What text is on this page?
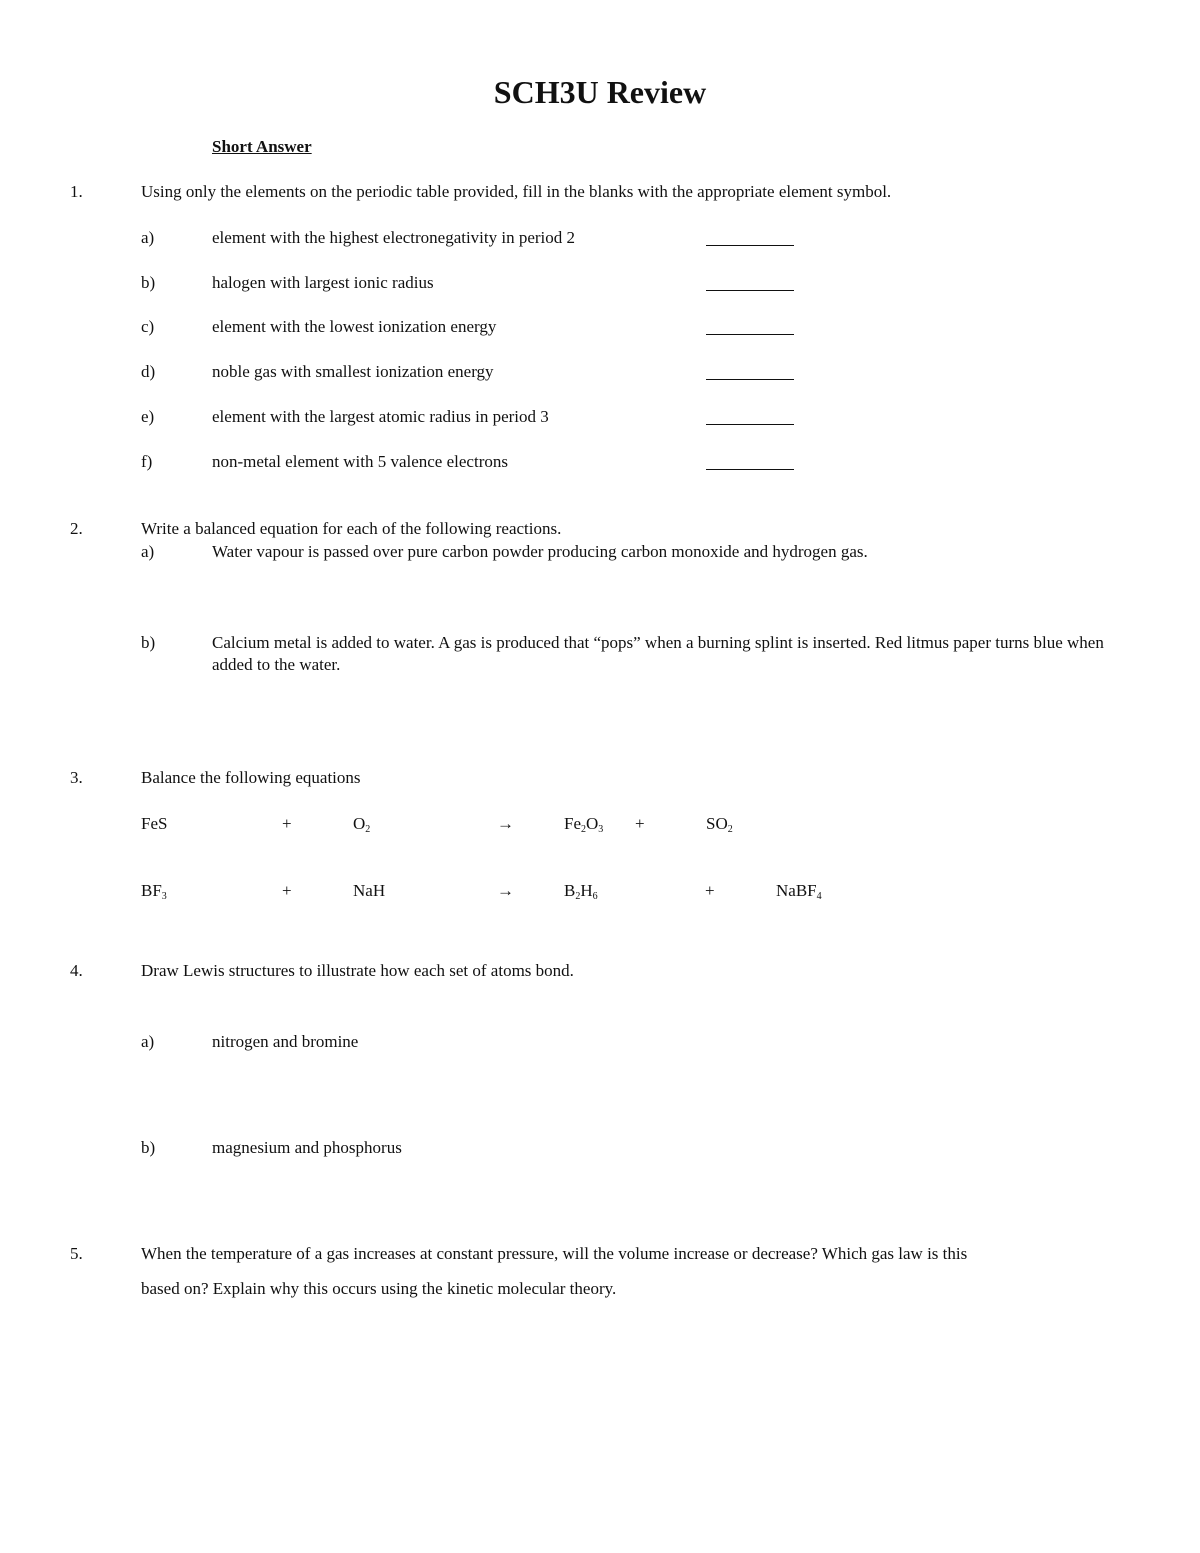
SCH3U Review
Short Answer
1.	Using only the elements on the periodic table provided, fill in the blanks with the appropriate element symbol.
a)	element with the highest electronegativity in period 2
b)	halogen with largest ionic radius
c)	element with the lowest ionization energy
d)	noble gas with smallest ionization energy
e)	element with the largest atomic radius in period 3
f)	non-metal element with 5 valence electrons
2.	Write a balanced equation for each of the following reactions.
a)	Water vapour is passed over pure carbon powder producing carbon monoxide and hydrogen gas.
b)	Calcium metal is added to water. A gas is produced that “pops” when a burning splint is inserted. Red litmus paper turns blue when added to the water.
3.	Balance the following equations
FeS	+	$O_2$	→	$Fe_2O_3$ +	$SO_2$
$BF_3$	+	NaH	→	$B_2H_6$	+	NaBF$_4$
4.	Draw Lewis structures to illustrate how each set of atoms bond.
a)	nitrogen and bromine
b)	magnesium and phosphorus
5.	When the temperature of a gas increases at constant pressure, will the volume increase or decrease? Which gas law is this
based on? Explain why this occurs using the kinetic molecular theory.
